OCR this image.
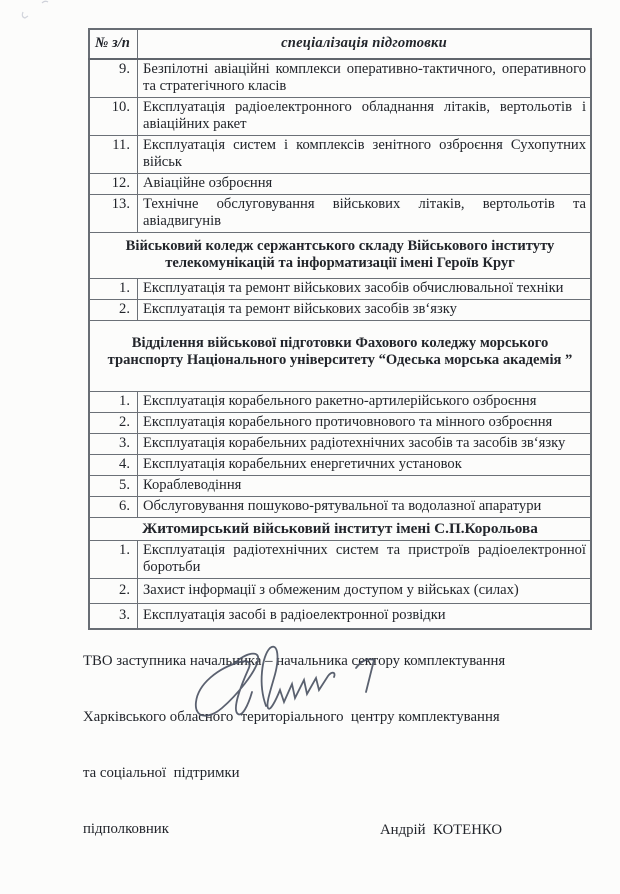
№ з/п	спеціалізація підготовки
9.	Безпілотні авіаційні комплекси оперативно-тактичного, оперативного та стратегічного класів
10.	Експлуатація радіоелектронного обладнання літаків, вертольотів і авіаційних ракет
11.	Експлуатація систем і комплексів зенітного озброєння Сухопутних військ
12.	Авіаційне озброєння
13.	Технічне обслуговування військових літаків, вертольотів та авіадвигунів
Військовий коледж сержантського складу Військового інституту телекомунікацій та інформатизації імені Героїв Круг	
1.	Експлуатація та ремонт військових засобів обчислювальної техніки
2.	Експлуатація та ремонт військових засобів зв‘язку
Відділення військової підготовки Фахового коледжу морського транспорту Національного університету “Одеська морська академія ”	
1.	Експлуатація корабельного ракетно-артилерійського озброєння
2.	Експлуатація корабельного протичовнового та мінного озброєння
3.	Експлуатація корабельних радіотехнічних засобів та засобів зв‘язку
4.	Експлуатація корабельних енергетичних установок
5.	Кораблеводіння
6.	Обслуговування пошуково-рятувальної та водолазної апаратури
Житомирський військовий інститут імені С.П.Корольова	
1.	Експлуатація радіотехнічних систем та пристроїв радіоелектронної боротьби
2.	Захист інформації з обмеженим доступом у військах (силах)
3.	Експлуатація засобі в радіоелектронної розвідки

ТВО заступника начальника – начальника сектору комплектування

Харківського обласного  територіального  центру комплектування

та соціальної  підтримки

підполковник

	Андрій  КОТЕНКО
